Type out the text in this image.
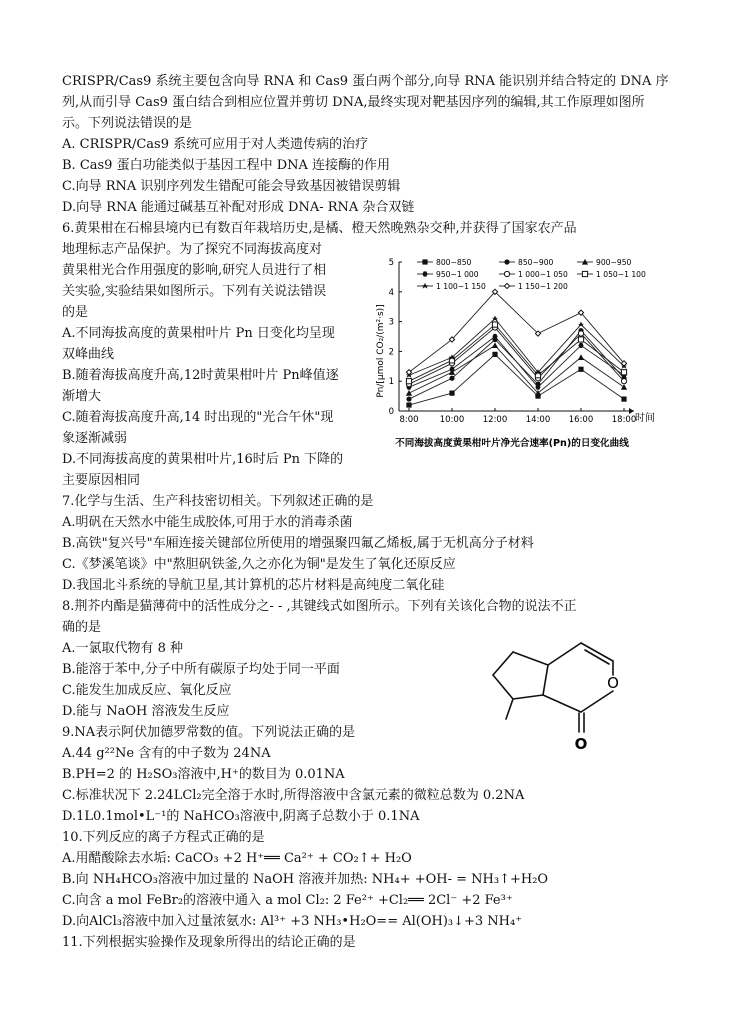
CRISPR/Cas9 系统主要包含向导 RNA 和 Cas9 蛋白两个部分,向导 RNA 能识别并结合特定的 DNA 序
列,从而引导 Cas9 蛋白结合到相应位置并剪切 DNA,最终实现对靶基因序列的编辑,其工作原理如图所
示。下列说法错误的是
A. CRISPR/Cas9 系统可应用于对人类遗传病的治疗
B. Cas9 蛋白功能类似于基因工程中 DNA 连接酶的作用
C.向导 RNA 识别序列发生错配可能会导致基因被错误剪辑
D.向导 RNA 能通过碱基互补配对形成 DNA- RNA 杂合双链
6.黄果柑在石棉县境内已有数百年栽培历史,是橘、橙天然晚熟杂交种,并获得了国家农产品
地理标志产品保护。为了探究不同海拔高度对
黄果柑光合作用强度的影响,研究人员进行了相
关实验,实验结果如图所示。下列有关说法错误
的是
A.不同海拔高度的黄果柑叶片 Pn 日变化均呈现
双峰曲线
B.随着海拔高度升高,12时黄果柑叶片 Pn峰值逐
渐增大
C.随着海拔高度升高,14 时出现的"光合午休"现
象逐渐减弱
D.不同海拔高度的黄果柑叶片,16时后 Pn 下降的
主要原因相同
7.化学与生活、生产科技密切相关。下列叙述正确的是
A.明矾在天然水中能生成胶体,可用于水的消毒杀菌
B.高铁"复兴号"车厢连接关键部位所使用的增强聚四氟乙烯板,属于无机高分子材料
C.《梦溪笔谈》中"熬胆矾铁釜,久之亦化为铜"是发生了氧化还原反应
D.我国北斗系统的导航卫星,其计算机的芯片材料是高纯度二氧化硅
8.荆芥内酯是猫薄荷中的活性成分之- - ,其键线式如图所示。下列有关该化合物的说法不正
确的是
A.一氯取代物有 8 种
B.能溶于苯中,分子中所有碳原子均处于同一平面
C.能发生加成反应、氧化反应
D.能与 NaOH 溶液发生反应
9.NA表示阿伏加德罗常数的值。下列说法正确的是
A.44 g²²Ne 含有的中子数为 24NA
B.PH=2 的 H₂SO₃溶液中,H⁺的数目为 0.01NA
C.标准状况下 2.24LCl₂完全溶于水时,所得溶液中含氯元素的微粒总数为 0.2NA
D.1L0.1mol•L⁻¹的 NaHCO₃溶液中,阴离子总数小于 0.1NA
10.下列反应的离子方程式正确的是
A.用醋酸除去水垢: CaCO₃ +2 H⁺══ Ca²⁺ + CO₂↑+ H₂O
B.向 NH₄HCO₃溶液中加过量的 NaOH 溶液并加热: NH₄+ +OH- = NH₃↑+H₂O
C.向含 a mol FeBr₂的溶液中通入 a mol Cl₂: 2 Fe²⁺ +Cl₂══ 2Cl⁻ +2 Fe³⁺
D.向AlCl₃溶液中加入过量浓氨水: Al³⁺ +3 NH₃•H₂O== Al(OH)₃↓+3 NH₄⁺
11.下列根据实验操作及现象所得出的结论正确的是
800~850	850~900	900~950
950~1 000	1 000~1 050	1 050~1 100
1 100~1 150	1 150~1 200
0
1
2
3
4
5
8:00 10:00 12:00 14:00 16:00 18:00
Pn/[μmol CO₂/(m²·s)]
时间
不同海拔高度黄果柑叶片净光合速率(Pn)的日变化曲线
O
O
